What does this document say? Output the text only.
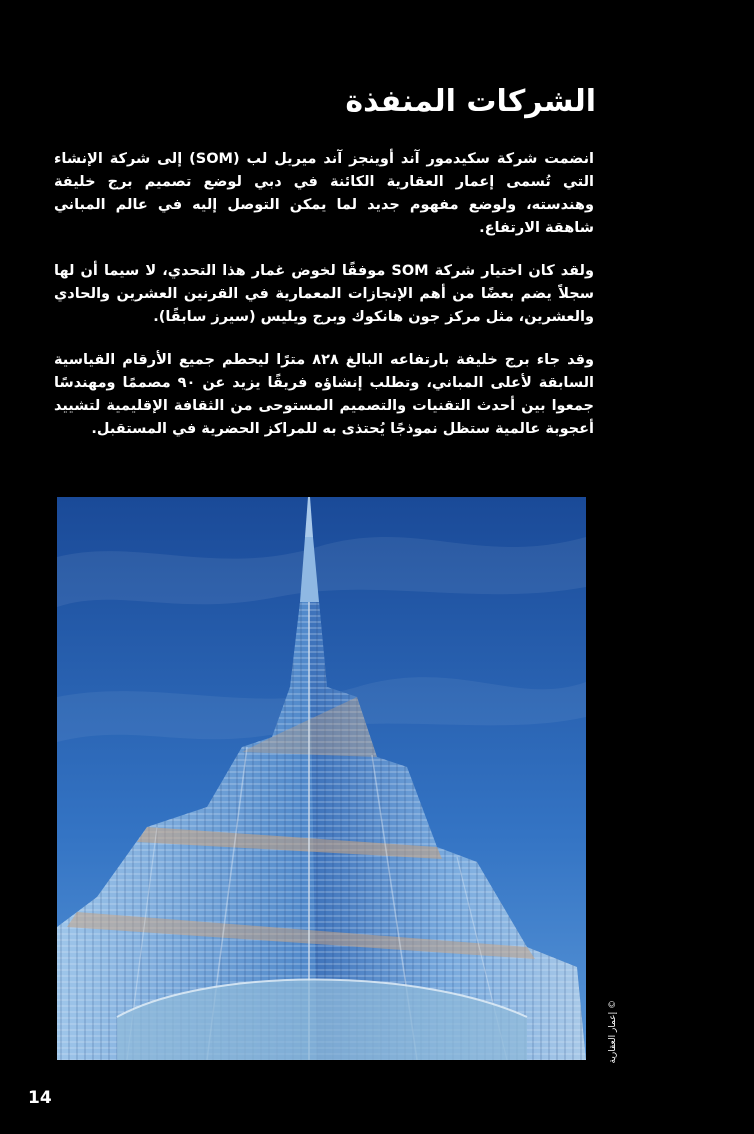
الشركات المنفذة

انضمت شركة سكيدمور آند أوينجز آند ميريل لب (SOM) إلى شركة الإنشاء التي تُسمى إعمار العقارية الكائنة في دبي لوضع تصميم برج خليفة وهندسته، ولوضع مفهوم جديد لما يمكن التوصل إليه في عالم المباني شاهقة الارتفاع.

ولقد كان اختيار شركة SOM موفقًا لخوض غمار هذا التحدي، لا سيما أن لها سجلاً يضم بعضًا من أهم الإنجازات المعمارية في القرنين العشرين والحادي والعشرين، مثل مركز جون هانكوك وبرج ويليس (سيرز سابقًا).

وقد جاء برج خليفة بارتفاعه البالغ ٨٢٨ مترًا ليحطم جميع الأرقام القياسية السابقة لأعلى المباني، وتطلب إنشاؤه فريقًا يزيد عن ٩٠ مصممًا ومهندسًا جمعوا بين أحدث التقنيات والتصميم المستوحى من الثقافة الإقليمية لتشييد أعجوبة عالمية ستظل نموذجًا يُحتذى به للمراكز الحضرية في المستقبل.

© إعمار العقارية
14
